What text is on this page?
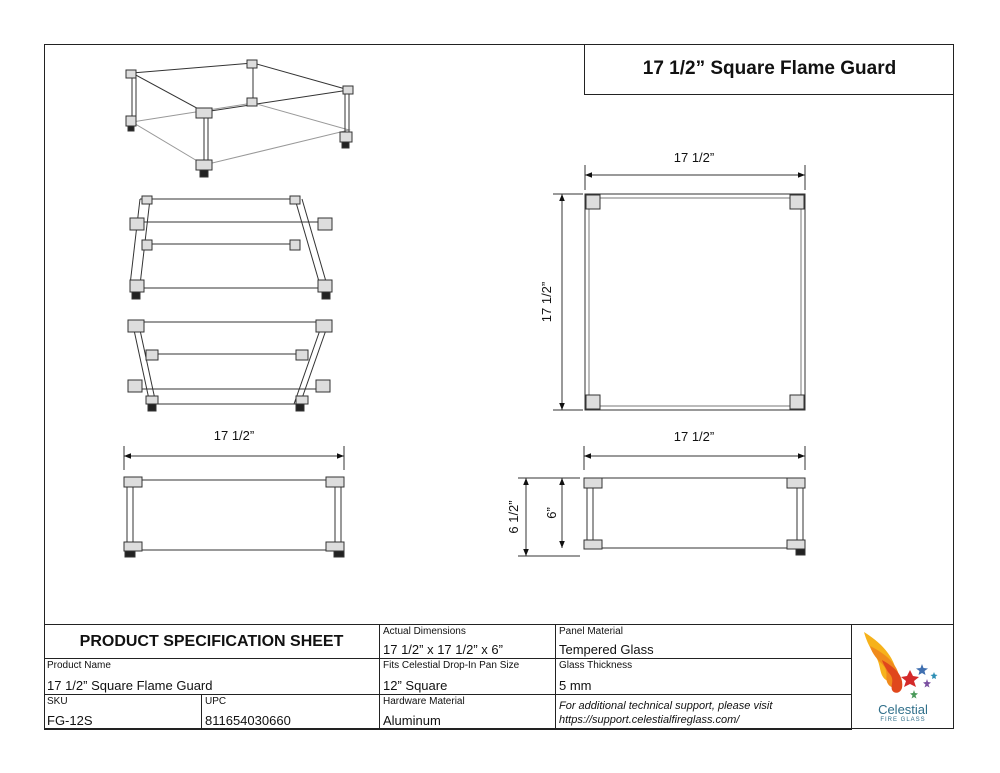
17 1/2” Square Flame Guard
17 1/2”
17 1/2”
17 1/2”
17 1/2”
6 1/2” 6”
PRODUCT SPECIFICATION SHEET
Actual Dimensions
17 1/2” x 17 1/2” x 6”
Panel Material
Tempered Glass
Product Name
17 1/2” Square Flame Guard
Fits Celestial Drop-In Pan Size
12” Square
Glass Thickness
5 mm
SKU
FG-12S
UPC
811654030660
Hardware Material
Aluminum
For additional technical support, please visit
https://support.celestialfireglass.com/
Celestial
FIRE GLASS
